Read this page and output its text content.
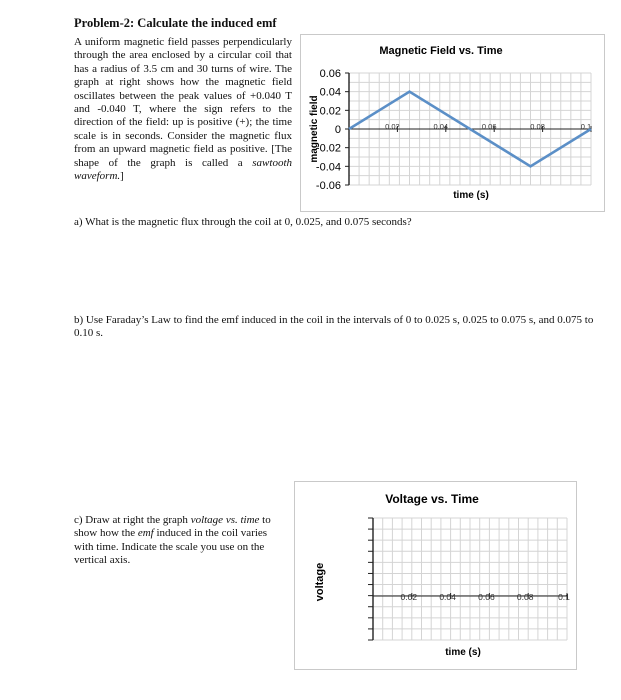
Problem-2: Calculate the induced emf
A uniform magnetic field passes perpendicularly through the area enclosed by a circular coil that has a radius of 3.5 cm and 30 turns of wire. The graph at right shows how the magnetic field oscillates between the peak values of +0.040 T and -0.040 T, where the sign refers to the direction of the field: up is positive (+); the time scale is in seconds. Consider the magnetic flux from an upward magnetic field as positive. [The shape of the graph is called a sawtooth waveform.]
Magnetic Field vs. Time
0.06
0.04
0.02
0
-0.02
-0.04
-0.06
0.02	0.04	0.06	0.08	0.1
magnetic field
time (s)
a) What is the magnetic flux through the coil at 0, 0.025, and 0.075 seconds?
b) Use Faraday’s Law to find the emf induced in the coil in the intervals of 0 to 0.025 s, 0.025 to 0.075 s, and 0.075 to 0.10 s.
c) Draw at right the graph voltage vs. time to show how the emf induced in the coil varies with time. Indicate the scale you use on the vertical axis.
Voltage vs. Time
0.02	0.04	0.06	0.08	0.1
voltage
time (s)
